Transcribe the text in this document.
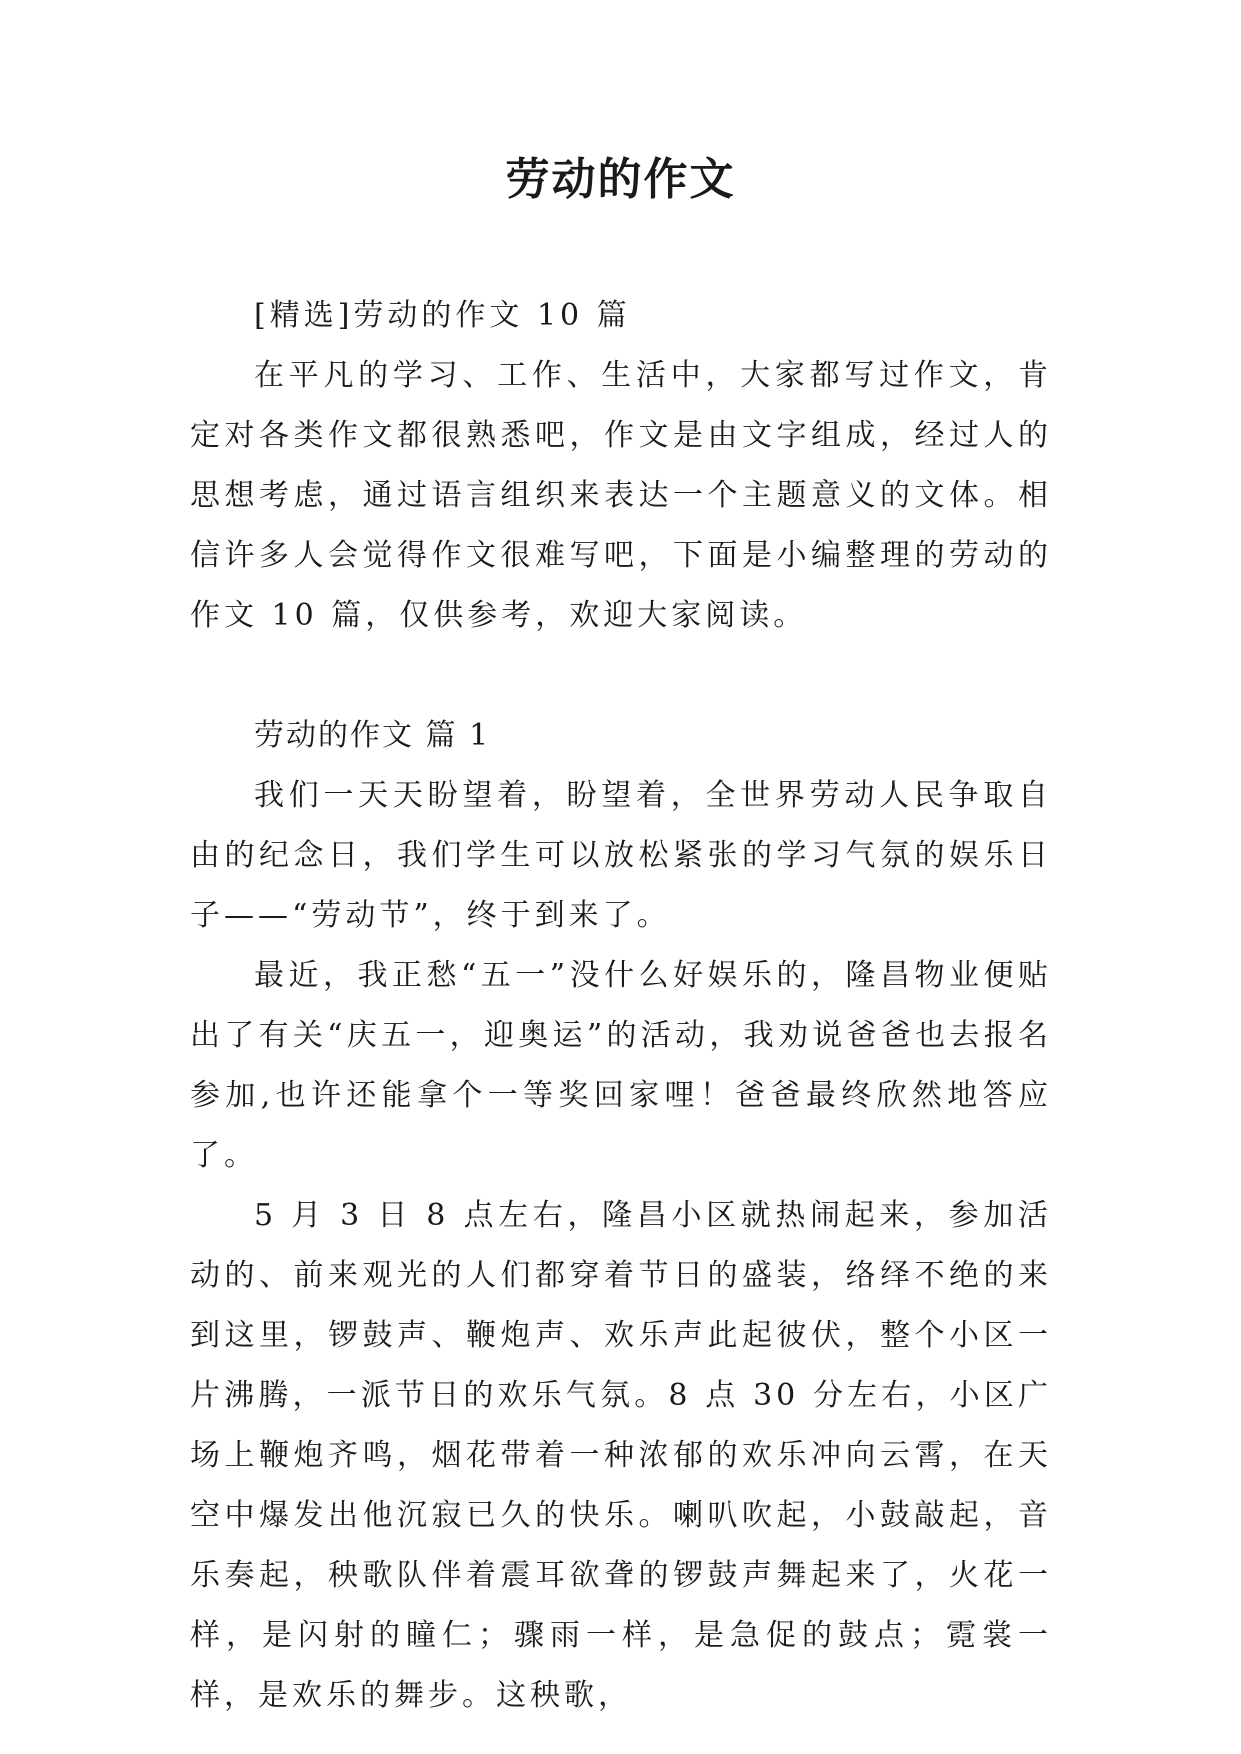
劳动的作文

[精选]劳动的作文 10 篇

在平凡的学习、工作、生活中，大家都写过作文，肯定对各类作文都很熟悉吧，作文是由文字组成，经过人的思想考虑，通过语言组织来表达一个主题意义的文体。相信许多人会觉得作文很难写吧，下面是小编整理的劳动的作文 10 篇，仅供参考，欢迎大家阅读。

劳动的作文 篇 1

我们一天天盼望着，盼望着，全世界劳动人民争取自由的纪念日，我们学生可以放松紧张的学习气氛的娱乐日子——“劳动节”，终于到来了。

最近，我正愁“五一”没什么好娱乐的，隆昌物业便贴出了有关“庆五一，迎奥运”的活动，我劝说爸爸也去报名参加,也许还能拿个一等奖回家哩！爸爸最终欣然地答应了。

5 月 3 日 8 点左右，隆昌小区就热闹起来，参加活动的、前来观光的人们都穿着节日的盛装，络绎不绝的来到这里，锣鼓声、鞭炮声、欢乐声此起彼伏，整个小区一片沸腾，一派节日的欢乐气氛。8 点 30 分左右，小区广场上鞭炮齐鸣，烟花带着一种浓郁的欢乐冲向云霄，在天空中爆发出他沉寂已久的快乐。喇叭吹起，小鼓敲起，音乐奏起，秧歌队伴着震耳欲聋的锣鼓声舞起来了，火花一样，是闪射的瞳仁；骤雨一样，是急促的鼓点；霓裳一样，是欢乐的舞步。这秧歌，
